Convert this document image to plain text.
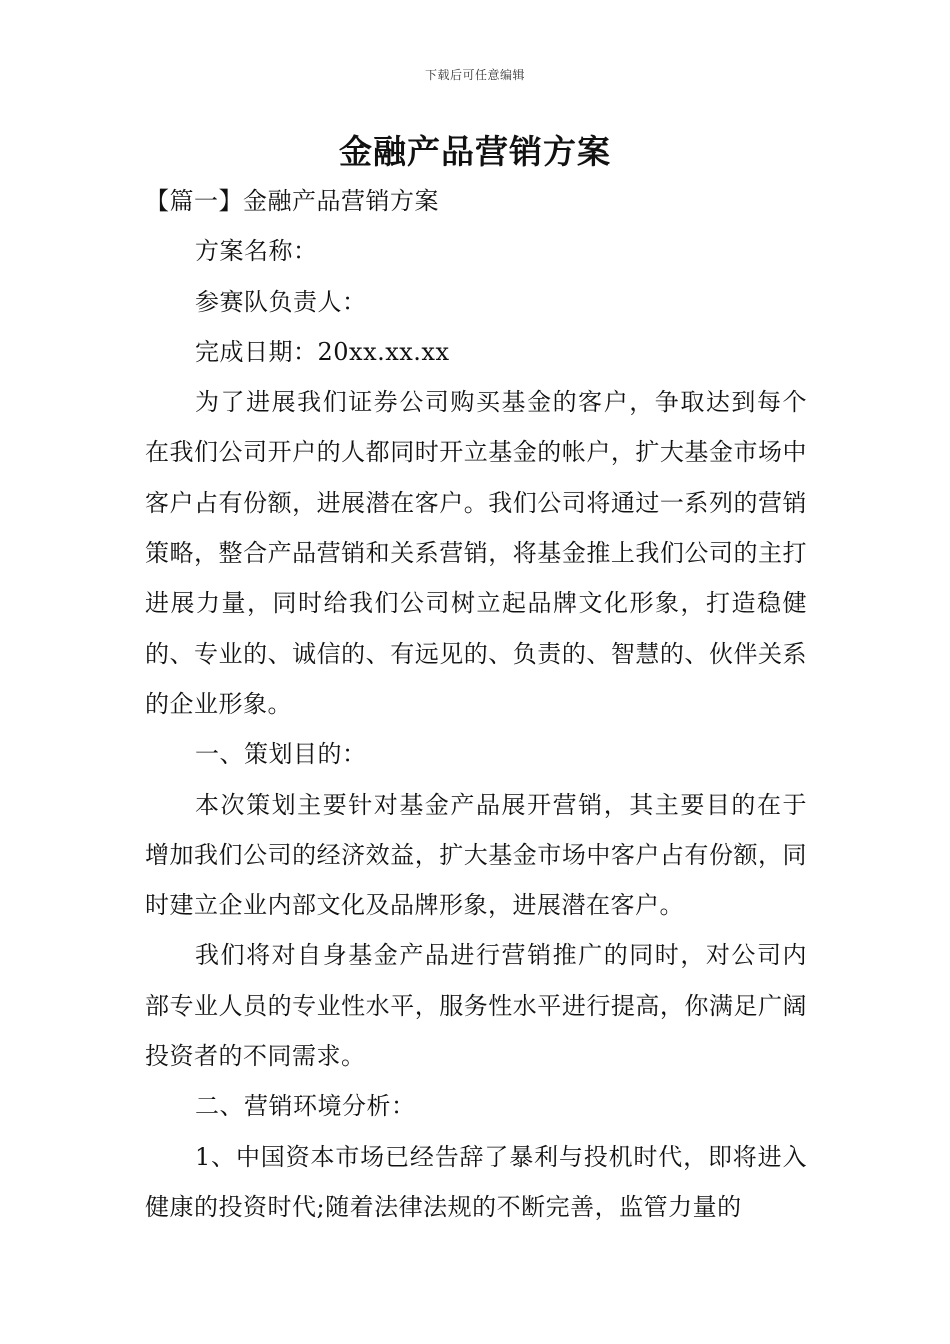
下载后可任意编辑
金融产品营销方案

【篇一】金融产品营销方案

方案名称：

参赛队负责人：

完成日期：20xx.xx.xx

为了进展我们证券公司购买基金的客户，争取达到每个在我们公司开户的人都同时开立基金的帐户，扩大基金市场中客户占有份额，进展潜在客户。我们公司将通过一系列的营销策略，整合产品营销和关系营销，将基金推上我们公司的主打进展力量，同时给我们公司树立起品牌文化形象，打造稳健的、专业的、诚信的、有远见的、负责的、智慧的、伙伴关系的企业形象。

一、策划目的：

本次策划主要针对基金产品展开营销，其主要目的在于增加我们公司的经济效益，扩大基金市场中客户占有份额，同时建立企业内部文化及品牌形象，进展潜在客户。

我们将对自身基金产品进行营销推广的同时，对公司内部专业人员的专业性水平，服务性水平进行提高，你满足广阔投资者的不同需求。

二、营销环境分析：

1、中国资本市场已经告辞了暴利与投机时代，即将进入健康的投资时代;随着法律法规的不断完善，监管力量的
